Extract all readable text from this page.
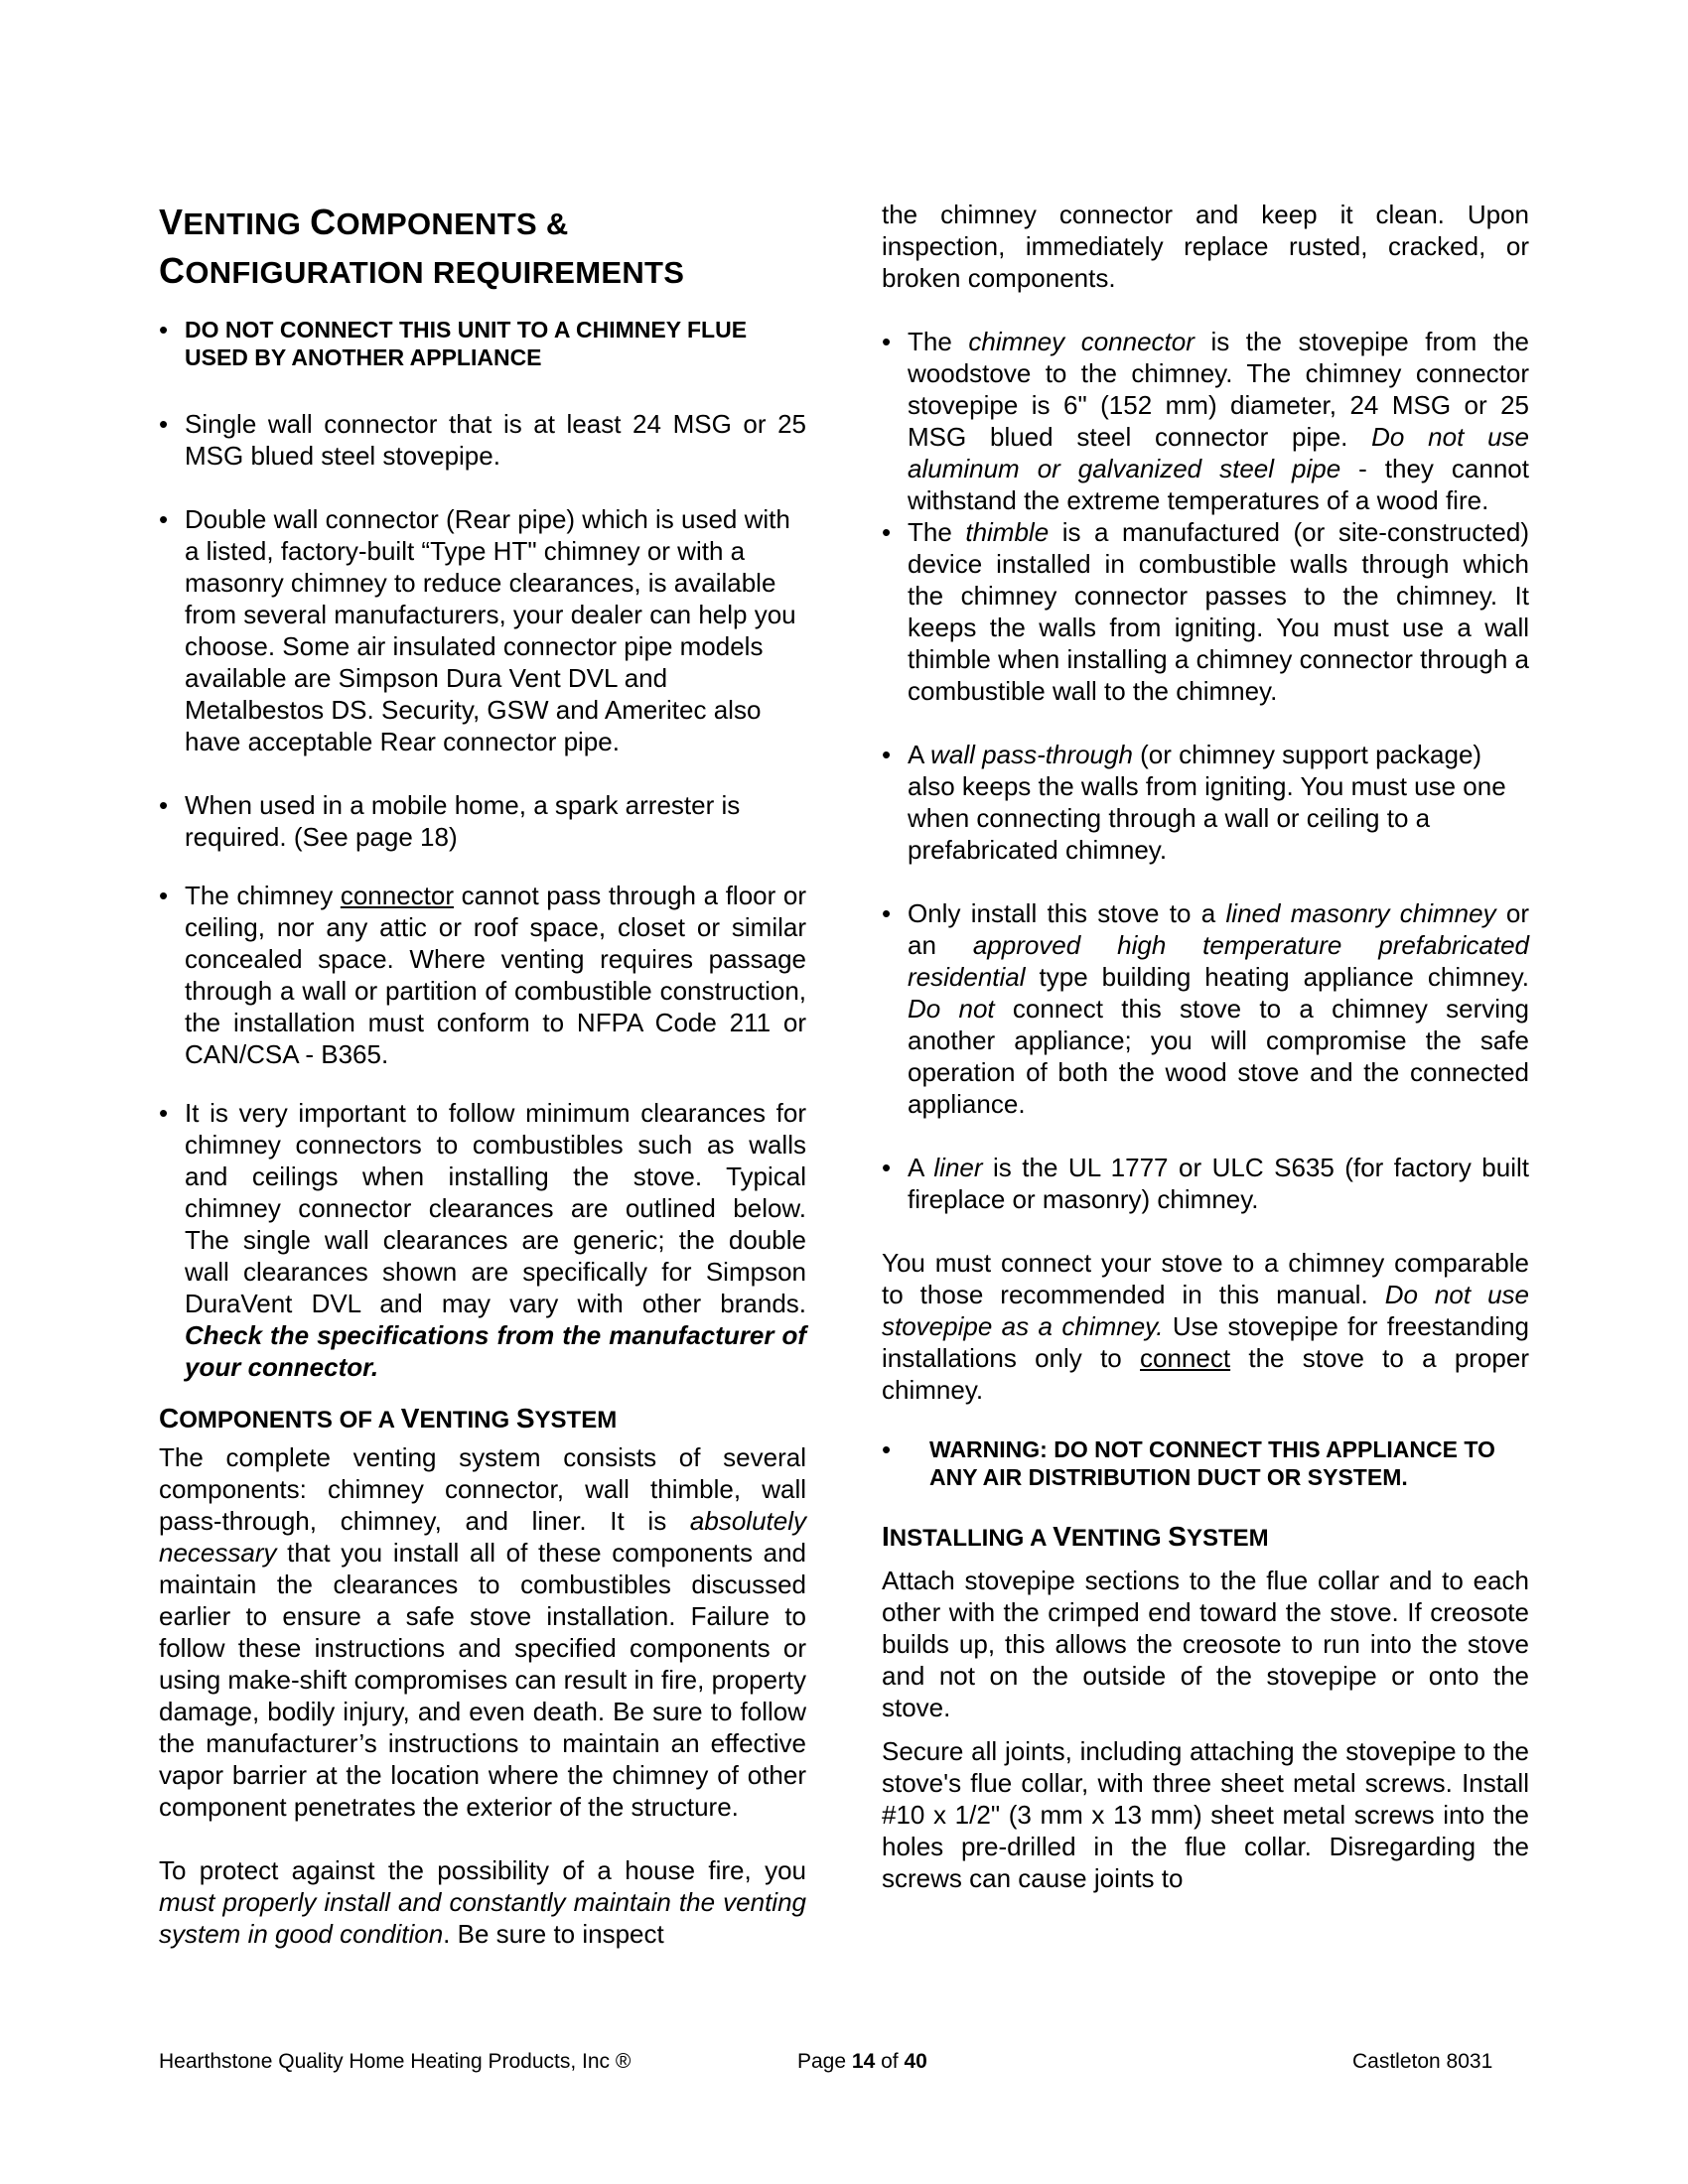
VENTING COMPONENTS &
CONFIGURATION REQUIREMENTS
• DO NOT CONNECT THIS UNIT TO A CHIMNEY FLUE USED BY ANOTHER APPLIANCE
• Single wall connector that is at least 24 MSG or 25 MSG blued steel stovepipe.
• Double wall connector (Rear pipe) which is used with a listed, factory-built “Type HT" chimney or with a masonry chimney to reduce clearances, is available from several manufacturers, your dealer can help you choose. Some air insulated connector pipe models available are Simpson Dura Vent DVL and Metalbestos DS. Security, GSW and Ameritec also have acceptable Rear connector pipe.
• When used in a mobile home, a spark arrester is required. (See page 18)
• The chimney connector cannot pass through a floor or ceiling, nor any attic or roof space, closet or similar concealed space. Where venting requires passage through a wall or partition of combustible construction, the installation must conform to NFPA Code 211 or CAN/CSA - B365.
• It is very important to follow minimum clearances for chimney connectors to combustibles such as walls and ceilings when installing the stove. Typical chimney connector clearances are outlined below. The single wall clearances are generic; the double wall clearances shown are specifically for Simpson DuraVent DVL and may vary with other brands. Check the specifications from the manufacturer of your connector.
COMPONENTS OF A VENTING SYSTEM

The complete venting system consists of several components: chimney connector, wall thimble, wall pass-through, chimney, and liner. It is absolutely necessary that you install all of these components and maintain the clearances to combustibles discussed earlier to ensure a safe stove installation. Failure to follow these instructions and specified components or using make-shift compromises can result in fire, property damage, bodily injury, and even death. Be sure to follow the manufacturer’s instructions to maintain an effective vapor barrier at the location where the chimney of other component penetrates the exterior of the structure.

To protect against the possibility of a house fire, you must properly install and constantly maintain the venting system in good condition. Be sure to inspect

the chimney connector and keep it clean. Upon inspection, immediately replace rusted, cracked, or broken components.

• The chimney connector is the stovepipe from the woodstove to the chimney. The chimney connector stovepipe is 6" (152 mm) diameter, 24 MSG or 25 MSG blued steel connector pipe. Do not use aluminum or galvanized steel pipe - they cannot withstand the extreme temperatures of a wood fire.
• The thimble is a manufactured (or site-constructed) device installed in combustible walls through which the chimney connector passes to the chimney. It keeps the walls from igniting. You must use a wall thimble when installing a chimney connector through a combustible wall to the chimney.
• A wall pass-through (or chimney support package) also keeps the walls from igniting. You must use one when connecting through a wall or ceiling to a prefabricated chimney.
• Only install this stove to a lined masonry chimney or an approved high temperature prefabricated residential type building heating appliance chimney. Do not connect this stove to a chimney serving another appliance; you will compromise the safe operation of both the wood stove and the connected appliance.
• A liner is the UL 1777 or ULC S635 (for factory built fireplace or masonry) chimney.

You must connect your stove to a chimney comparable to those recommended in this manual. Do not use stovepipe as a chimney. Use stovepipe for freestanding installations only to connect the stove to a proper chimney.

• WARNING: DO NOT CONNECT THIS APPLIANCE TO ANY AIR DISTRIBUTION DUCT OR SYSTEM.
INSTALLING A VENTING SYSTEM

Attach stovepipe sections to the flue collar and to each other with the crimped end toward the stove. If creosote builds up, this allows the creosote to run into the stove and not on the outside of the stovepipe or onto the stove.

Secure all joints, including attaching the stovepipe to the stove's flue collar, with three sheet metal screws. Install #10 x 1/2" (3 mm x 13 mm) sheet metal screws into the holes pre-drilled in the flue collar. Disregarding the screws can cause joints to

Hearthstone Quality Home Heating Products, Inc ®	Page 14 of 40	Castleton 8031
